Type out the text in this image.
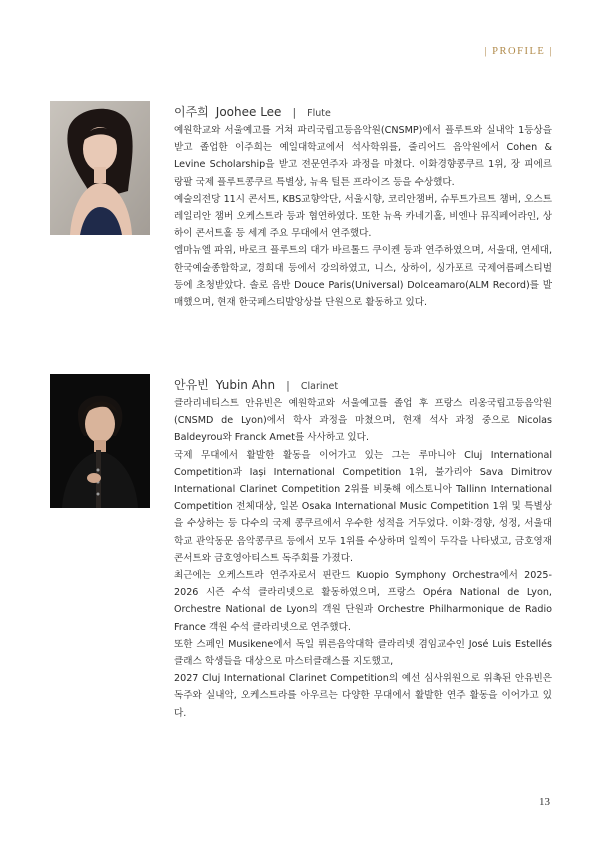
| PROFILE |
이주희 Joohee Lee | Flute

예원학교와 서울예고를 거쳐 파리국립고등음악원(CNSMP)에서 플루트와 실내악 1등상을 받고 졸업한 이주희는 예일대학교에서 석사학위를, 줄리어드 음악원에서 Cohen & Levine Scholarship을 받고 전문연주자 과정을 마쳤다. 이화경향콩쿠르 1위, 장 피에르 랑팔 국제 플루트콩쿠르 특별상, 뉴욕 틸튼 프라이즈 등을 수상했다.

예술의전당 11시 콘서트, KBS교향악단, 서울시향, 코리안챔버, 슈투트가르트 챔버, 오스트레일리안 챔버 오케스트라 등과 협연하였다. 또한 뉴욕 카네기홀, 비엔나 뮤직페어라인, 상하이 콘서트홀 등 세계 주요 무대에서 연주했다.

엠마뉴엘 파위, 바로크 플루트의 대가 바르톨드 쿠이켄 등과 연주하였으며, 서울대, 연세대, 한국예술종합학교, 경희대 등에서 강의하였고, 니스, 상하이, 싱가포르 국제여름페스티벌 등에 초청받았다. 솔로 음반 Douce Paris(Universal) Dolceamaro(ALM Record)를 발매했으며, 현재 한국페스티발앙상블 단원으로 활동하고 있다.

안유빈 Yubin Ahn | Clarinet

클라리네티스트 안유빈은 예원학교와 서울예고를 졸업 후 프랑스 리옹국립고등음악원(CNSMD de Lyon)에서 학사 과정을 마쳤으며, 현재 석사 과정 중으로 Nicolas Baldeyrou와 Franck Amet를 사사하고 있다.

국제 무대에서 활발한 활동을 이어가고 있는 그는 루마니아 Cluj International Competition과 Iași International Competition 1위, 불가리아 Sava Dimitrov International Clarinet Competition 2위를 비롯해 에스토니아 Tallinn International Competition 전체대상, 일본 Osaka International Music Competition 1위 및 특별상을 수상하는 등 다수의 국제 콩쿠르에서 우수한 성적을 거두었다. 이화·경향, 성정, 서울대학교 관악동문 음악콩쿠르 등에서 모두 1위를 수상하며 일찍이 두각을 나타냈고, 금호영재콘서트와 금호영아티스트 독주회를 가졌다.

최근에는 오케스트라 연주자로서 핀란드 Kuopio Symphony Orchestra에서 2025-2026 시즌 수석 클라리넷으로 활동하였으며, 프랑스 Opéra National de Lyon, Orchestre National de Lyon의 객원 단원과 Orchestre Philharmonique de Radio France 객원 수석 클라리넷으로 연주했다.

또한 스페인 Musikene에서 독일 뤼른음악대학 클라리넷 겸임교수인 José Luis Estellés 클래스 학생들을 대상으로 마스터클래스를 지도했고,

2027 Cluj International Clarinet Competition의 예선 심사위원으로 위촉된 안유빈은 독주와 실내악, 오케스트라를 아우르는 다양한 무대에서 활발한 연주 활동을 이어가고 있다.

13
